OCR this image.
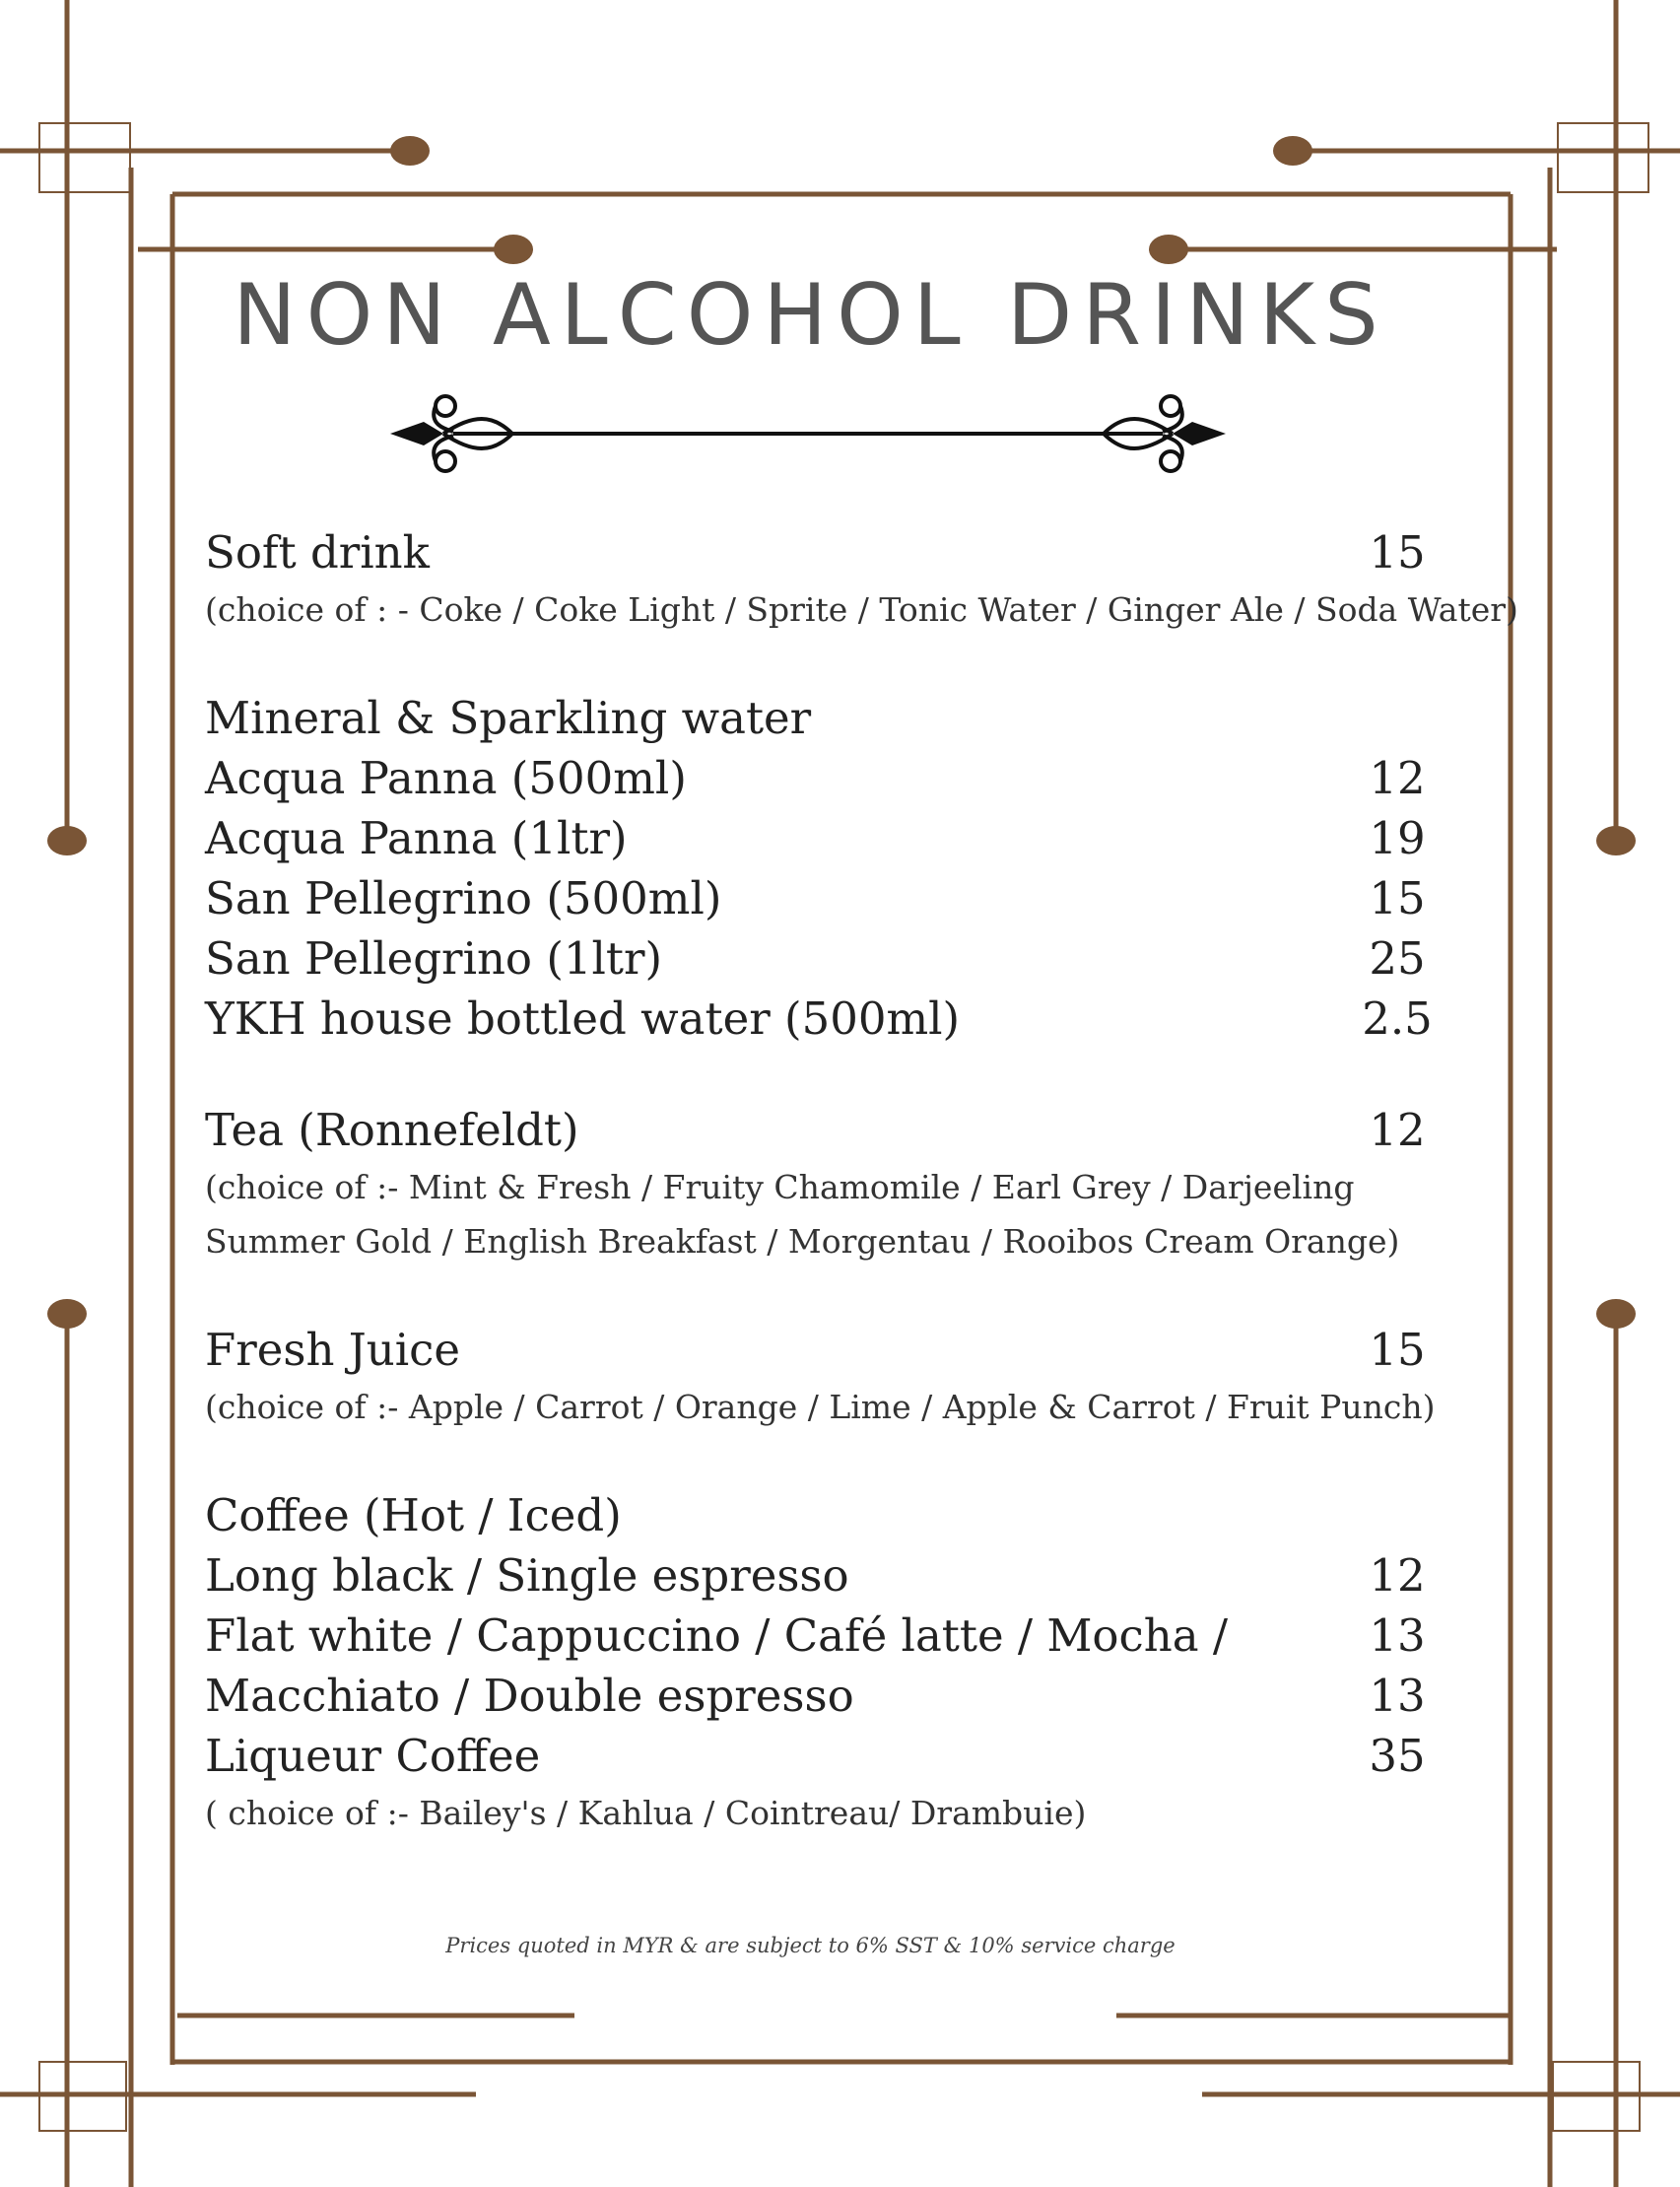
NON ALCOHOL DRINKS
Soft drink	15
(choice of : - Coke / Coke Light / Sprite / Tonic Water / Ginger Ale / Soda Water)
Mineral & Sparkling water
Acqua Panna (500ml)	12
Acqua Panna (1ltr)	19
San Pellegrino (500ml)	15
San Pellegrino (1ltr)	25
YKH house bottled water (500ml)	2.5
Tea (Ronnefeldt)	12
(choice of :- Mint & Fresh / Fruity Chamomile / Earl Grey / Darjeeling
Summer Gold / English Breakfast / Morgentau / Rooibos Cream Orange)
Fresh Juice	15
(choice of :- Apple / Carrot / Orange / Lime / Apple & Carrot / Fruit Punch)
Coffee (Hot / Iced)
Long black / Single espresso	12
Flat white / Cappuccino / Café latte / Mocha /	13
Macchiato / Double espresso	13
Liqueur Coffee	35
( choice of :- Bailey's / Kahlua / Cointreau/ Drambuie)
Prices quoted in MYR & are subject to 6% SST & 10% service charge
